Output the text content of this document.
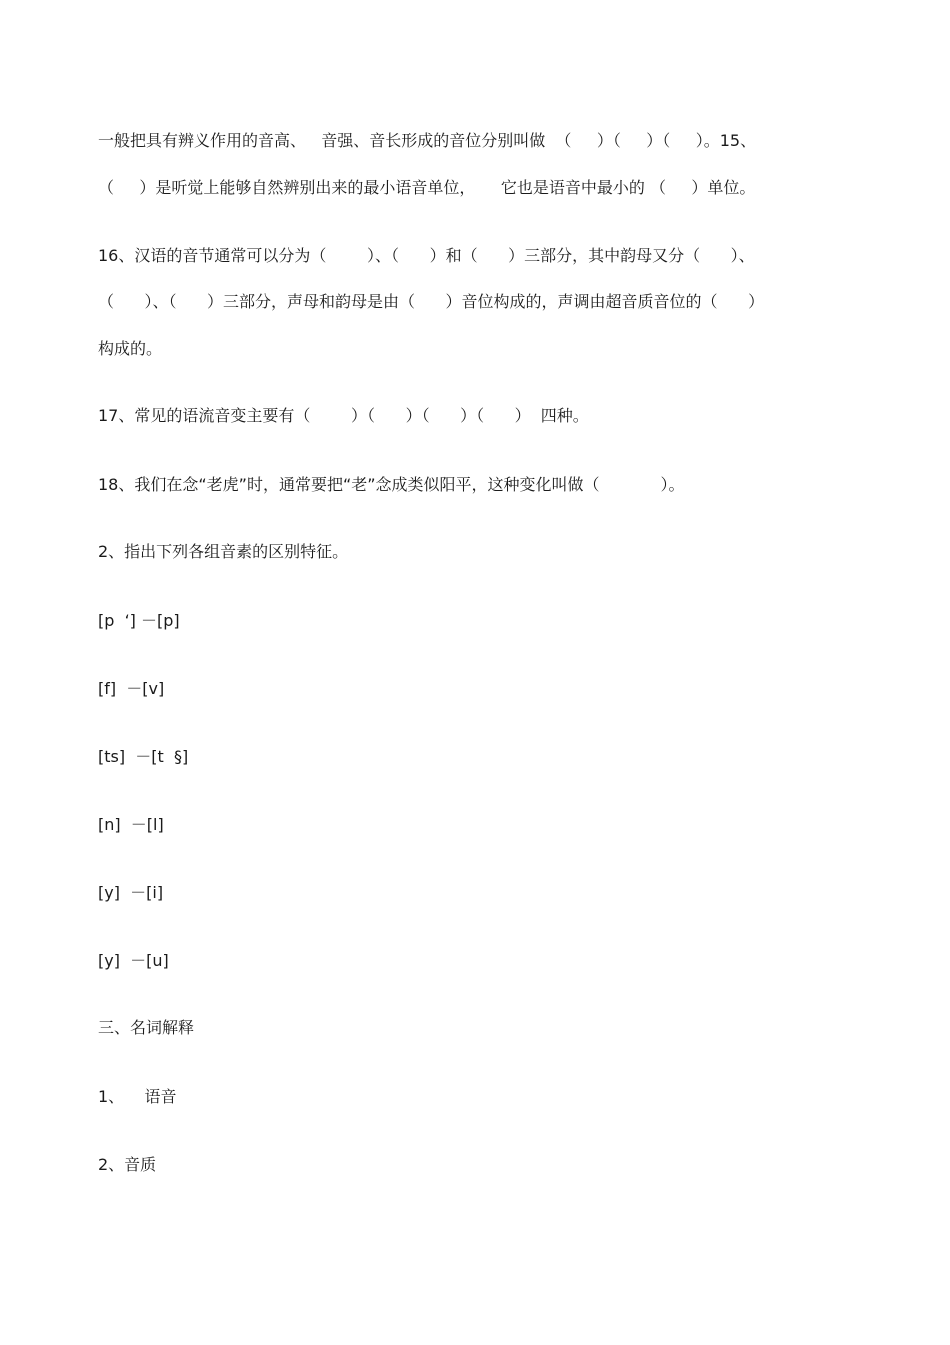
一般把具有辨义作用的音高、   音强、音长形成的音位分别叫做  （     ）（     ）（     ）。15、
（     ）是听觉上能够自然辨别出来的最小语音单位，     它也是语音中最小的 （     ）单位。
16、汉语的音节通常可以分为（        ）、（      ）和（      ）三部分，其中韵母又分（      ）、
（      ）、（      ）三部分，声母和韵母是由（      ）音位构成的，声调由超音质音位的（      ）
构成的。
17、常见的语流音变主要有（        ）（      ）（      ）（      ）  四种。
18、我们在念“老虎”时，通常要把“老”念成类似阳平，这种变化叫做（            ）。
2、指出下列各组音素的区别特征。
[p  ‘] －[p]
[f]  －[v]
[ts]  －[t  §]
[n]  －[l]
[y]  －[i]
[y]  －[u]
三、名词解释
1、    语音
2、音质
